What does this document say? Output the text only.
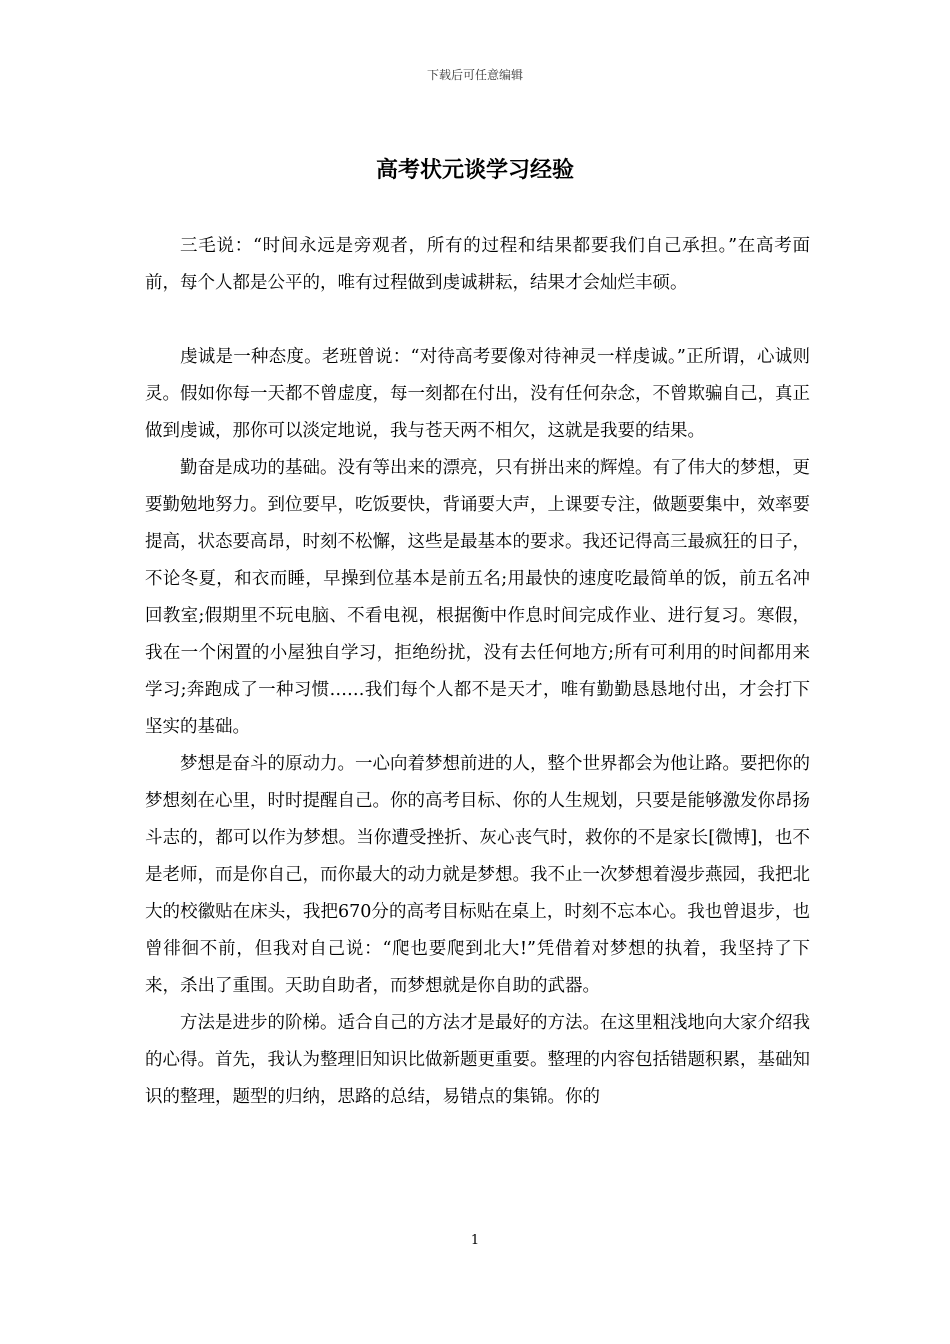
下载后可任意编辑
高考状元谈学习经验

三毛说：“时间永远是旁观者，所有的过程和结果都要我们自己承担。”在高考面前，每个人都是公平的，唯有过程做到虔诚耕耘，结果才会灿烂丰硕。

虔诚是一种态度。老班曾说：“对待高考要像对待神灵一样虔诚。”正所谓，心诚则灵。假如你每一天都不曾虚度，每一刻都在付出，没有任何杂念，不曾欺骗自己，真正做到虔诚，那你可以淡定地说，我与苍天两不相欠，这就是我要的结果。

勤奋是成功的基础。没有等出来的漂亮，只有拼出来的辉煌。有了伟大的梦想，更要勤勉地努力。到位要早，吃饭要快，背诵要大声，上课要专注，做题要集中，效率要提高，状态要高昂，时刻不松懈，这些是最基本的要求。我还记得高三最疯狂的日子，不论冬夏，和衣而睡，早操到位基本是前五名;用最快的速度吃最简单的饭，前五名冲回教室;假期里不玩电脑、不看电视，根据衡中作息时间完成作业、进行复习。寒假，我在一个闲置的小屋独自学习，拒绝纷扰，没有去任何地方;所有可利用的时间都用来学习;奔跑成了一种习惯……我们每个人都不是天才，唯有勤勤恳恳地付出，才会打下坚实的基础。

梦想是奋斗的原动力。一心向着梦想前进的人，整个世界都会为他让路。要把你的梦想刻在心里，时时提醒自己。你的高考目标、你的人生规划，只要是能够激发你昂扬斗志的，都可以作为梦想。当你遭受挫折、灰心丧气时，救你的不是家长[微博]，也不是老师，而是你自己，而你最大的动力就是梦想。我不止一次梦想着漫步燕园，我把北大的校徽贴在床头，我把670分的高考目标贴在桌上，时刻不忘本心。我也曾退步，也曾徘徊不前，但我对自己说：“爬也要爬到北大!”凭借着对梦想的执着，我坚持了下来，杀出了重围。天助自助者，而梦想就是你自助的武器。

方法是进步的阶梯。适合自己的方法才是最好的方法。在这里粗浅地向大家介绍我的心得。首先，我认为整理旧知识比做新题更重要。整理的内容包括错题积累，基础知识的整理，题型的归纳，思路的总结，易错点的集锦。你的

1
